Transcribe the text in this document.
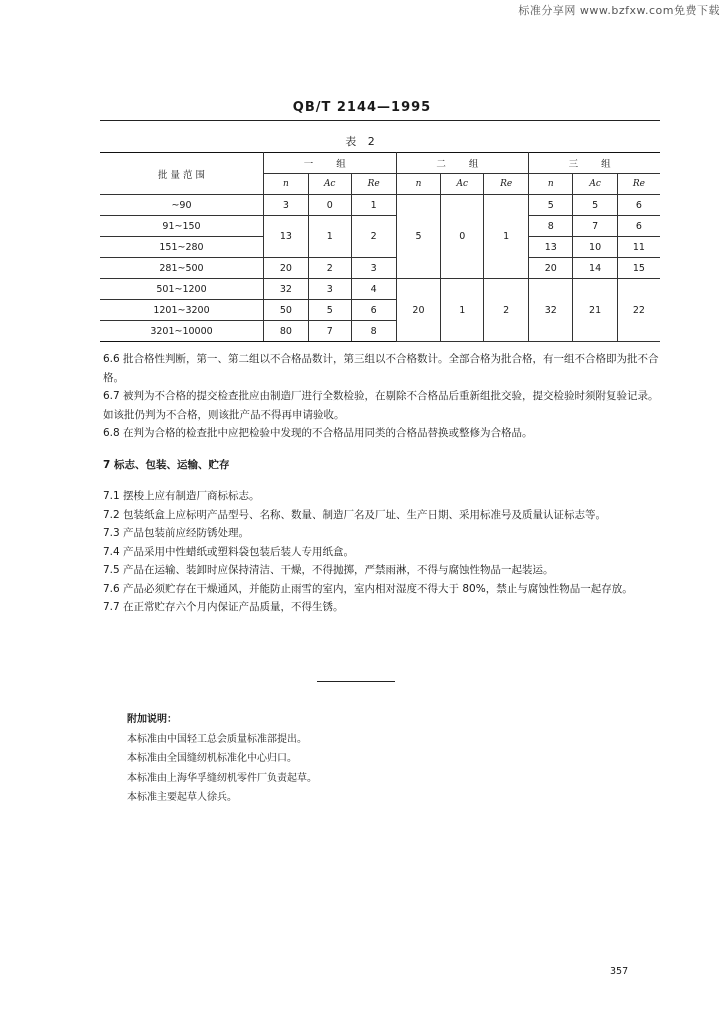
标准分享网 www.bzfxw.com免费下载
QB/T 2144—1995
表 2
批 量 范 围	一 组			二 组			三 组		
	n	Ac	Re	n	Ac	Re	n	Ac	Re
~90	3	0	1	5	0	1	5	5	6
91~150	13	1	2				8	7	6
151~280							13	10	11
281~500	20	2	3				20	14	15
501~1200	32	3	4	20	1	2	32	21	22
1201~3200	50	5	6						
3201~10000	80	7	8						

6.6 批合格性判断，第一、第二组以不合格品数计，第三组以不合格数计。全部合格为批合格，有一组不合格即为批不合格。

6.7 被判为不合格的提交检查批应由制造厂进行全数检验，在剔除不合格品后重新组批交验，提交检验时须附复验记录。如该批仍判为不合格，则该批产品不得再申请验收。

6.8 在判为合格的检查批中应把检验中发现的不合格品用同类的合格品替换或整修为合格品。

7 标志、包装、运输、贮存

7.1 摆梭上应有制造厂商标标志。

7.2 包装纸盒上应标明产品型号、名称、数量、制造厂名及厂址、生产日期、采用标准号及质量认证标志等。

7.3 产品包装前应经防锈处理。

7.4 产品采用中性蜡纸或塑料袋包装后装人专用纸盒。

7.5 产品在运输、装卸时应保持清洁、干燥，不得抛掷，严禁雨淋，不得与腐蚀性物品一起装运。

7.6 产品必须贮存在干燥通风，并能防止雨雪的室内，室内相对湿度不得大于 80%，禁止与腐蚀性物品一起存放。

7.7 在正常贮存六个月内保证产品质量，不得生锈。

附加说明：
本标准由中国轻工总会质量标准部提出。
本标准由全国缝纫机标准化中心归口。
本标准由上海华孚缝纫机零件厂负责起草。
本标准主要起草人徐兵。
357
